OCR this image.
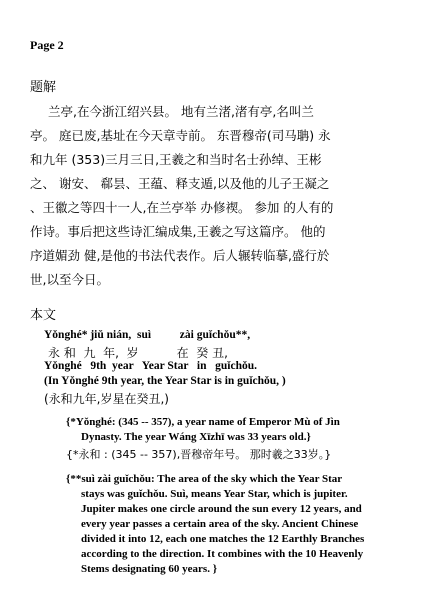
Page 2
题解
兰亭,在今浙江绍兴县。 地有兰渚,渚有亭,名叫兰
亭。 庭已废,基址在今天章寺前。 东晋穆帝(司马聃) 永
和九年 (353)三月三日,王羲之和当时名士孙绰、王彬
之、 谢安、 郗昙、王蕴、释支遁,以及他的儿子王凝之
、王徽之等四十一人,在兰亭举 办修禊。 参加 的人有的
作诗。事后把这些诗汇编成集,王羲之写这篇序。 他的
序道媚劲 健,是他的书法代表作。后人辗转临摹,盛行於
世,以至今日。
本文
Yǒnghé* jiǔ nián,  suì          zài guǐchǒu**,
永 和  九  年,  岁          在  癸 丑,
Yǒnghé   9th  year   Year Star   in   guǐchǒu.
(In Yǒnghé 9th year, the Year Star is in guǐchǒu, )
(永和九年,岁星在癸丑,)
{*Yǒnghé: (345 -- 357), a year name of Emperor Mù of Jìn
Dynasty. The year Wáng Xīzhī was 33 years old.}
{*永和 : (345 -- 357),晋穆帝年号。 那时羲之33岁。}
{**suì zài guǐchǒu: The area of the sky which the Year Star
stays was guǐchǒu. Suì, means Year Star, which is jupiter.
Jupiter makes one circle around the sun every 12 years, and
every year passes a certain area of the sky. Ancient Chinese
divided it into 12, each one matches the 12 Earthly Branches
according to the direction. It combines with the 10 Heavenly
Stems designating 60 years. }
